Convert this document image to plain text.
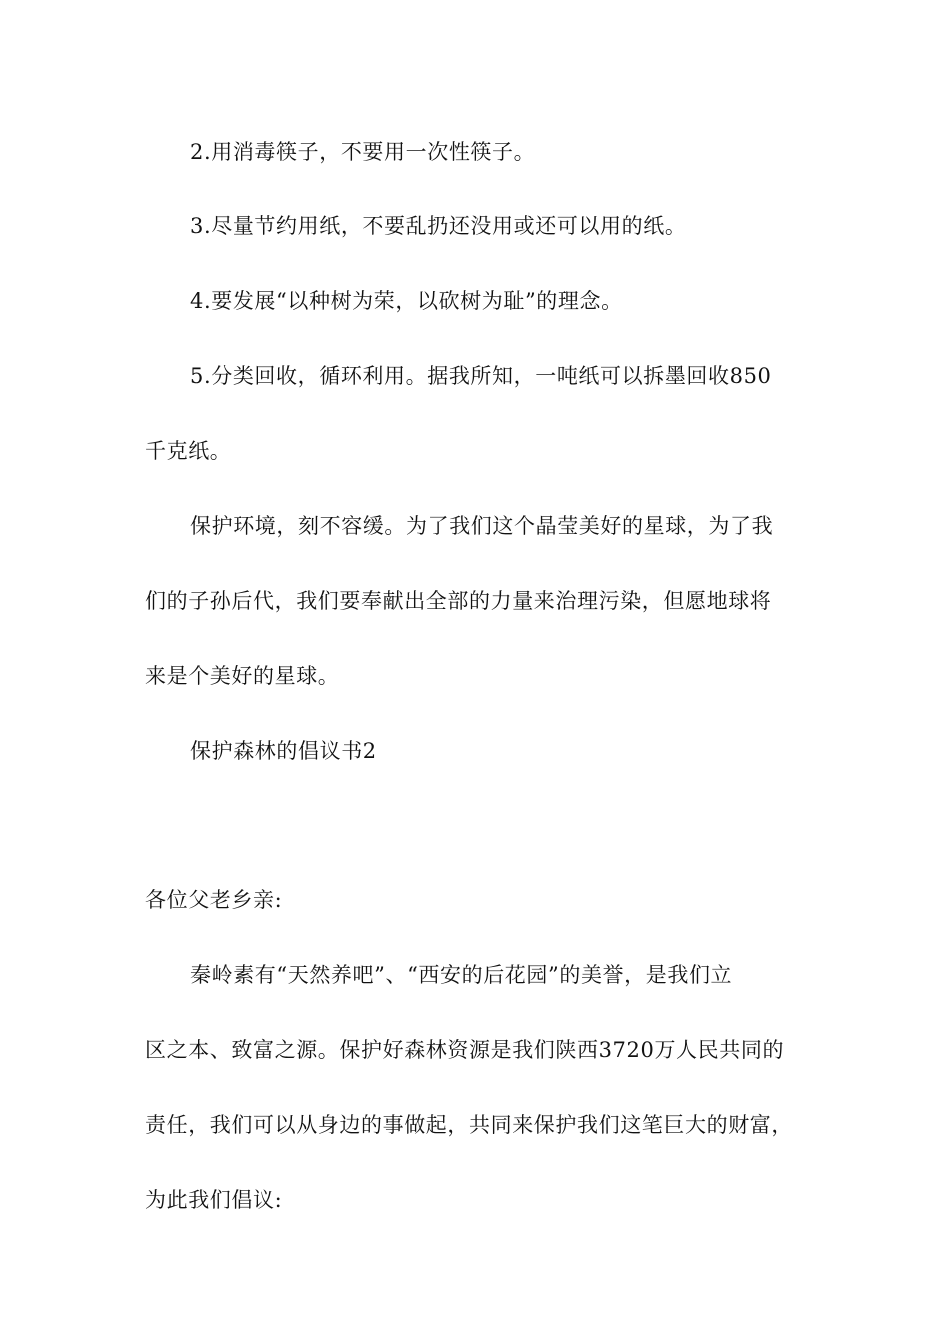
2.用消毒筷子，不要用一次性筷子。
3.尽量节约用纸，不要乱扔还没用或还可以用的纸。
4.要发展“以种树为荣，以砍树为耻”的理念。
5.分类回收，循环利用。据我所知，一吨纸可以拆墨回收850
千克纸。
保护环境，刻不容缓。为了我们这个晶莹美好的星球，为了我
们的子孙后代，我们要奉献出全部的力量来治理污染，但愿地球将
来是个美好的星球。
保护森林的倡议书2
各位父老乡亲:
秦岭素有“天然养吧”、“西安的后花园”的美誉，是我们立
区之本、致富之源。保护好森林资源是我们陕西3720万人民共同的
责任，我们可以从身边的事做起，共同来保护我们这笔巨大的财富，
为此我们倡议:
